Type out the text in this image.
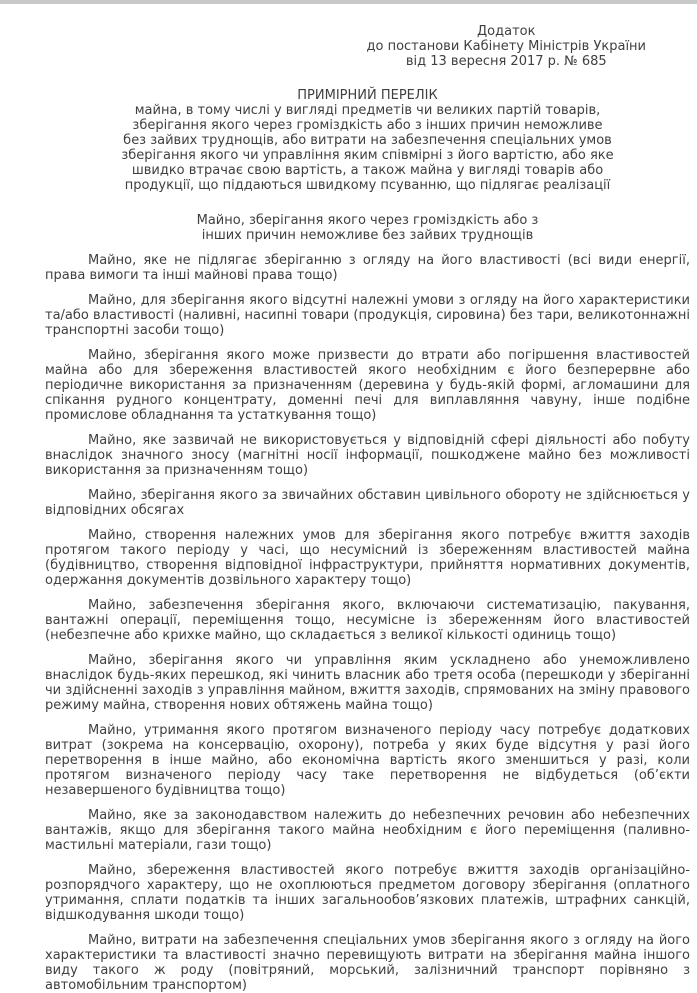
Додаток
до постанови Кабінету Міністрів України
від 13 вересня 2017 р. № 685
ПРИМІРНИЙ ПЕРЕЛІК
майна, в тому числі у вигляді предметів чи великих партій товарів,
зберігання якого через громіздкість або з інших причин неможливе
без зайвих труднощів, або витрати на забезпечення спеціальних умов
зберігання якого чи управління яким співмірні з його вартістю, або яке
швидко втрачає свою вартість, а також майна у вигляді товарів або
продукції, що піддаються швидкому псуванню, що підлягає реалізації
Майно, зберігання якого через громіздкість або з
інших причин неможливе без зайвих труднощів

Майно, яке не підлягає зберіганню з огляду на його властивості (всі види енергії, права вимоги та інші майнові права тощо)

Майно, для зберігання якого відсутні належні умови з огляду на його характеристики та/або властивості (наливні, насипні товари (продукція, сировина) без тари, великотоннажні транспортні засоби тощо)

Майно, зберігання якого може призвести до втрати або погіршення властивостей майна або для збереження властивостей якого необхідним є його безперервне або періодичне використання за призначенням (деревина у будь-якій формі, агломашини для спікання рудного концентрату, доменні печі для виплавляння чавуну, інше подібне промислове обладнання та устаткування тощо)

Майно, яке зазвичай не використовується у відповідній сфері діяльності або побуту внаслідок значного зносу (магнітні носії інформації, пошкоджене майно без можливості використання за призначенням тощо)

Майно, зберігання якого за звичайних обставин цивільного обороту не здійснюється у відповідних обсягах

Майно, створення належних умов для зберігання якого потребує вжиття заходів протягом такого періоду у часі, що несумісний із збереженням властивостей майна (будівництво, створення відповідної інфраструктури, прийняття нормативних документів, одержання документів дозвільного характеру тощо)

Майно, забезпечення зберігання якого, включаючи систематизацію, пакування, вантажні операції, переміщення тощо, несумісне із збереженням його властивостей (небезпечне або крихке майно, що складається з великої кількості одиниць тощо)

Майно, зберігання якого чи управління яким ускладнено або унеможливлено внаслідок будь-яких перешкод, які чинить власник або третя особа (перешкоди у зберіганні чи здійсненні заходів з управління майном, вжиття заходів, спрямованих на зміну правового режиму майна, створення нових обтяжень майна тощо)

Майно, утримання якого протягом визначеного періоду часу потребує додаткових витрат (зокрема на консервацію, охорону), потреба у яких буде відсутня у разі його перетворення в інше майно, або економічна вартість якого зменшиться у разі, коли протягом визначеного періоду часу таке перетворення не відбудеться (об’єкти незавершеного будівництва тощо)

Майно, яке за законодавством належить до небезпечних речовин або небезпечних вантажів, якщо для зберігання такого майна необхідним є його переміщення (паливно-мастильні матеріали, гази тощо)

Майно, збереження властивостей якого потребує вжиття заходів організаційно-розпорядчого характеру, що не охоплюються предметом договору зберігання (оплатного утримання, сплати податків та інших загальнообов’язкових платежів, штрафних санкцій, відшкодування шкоди тощо)

Майно, витрати на забезпечення спеціальних умов зберігання якого з огляду на його характеристики та властивості значно перевищують витрати на зберігання майна іншого виду такого ж роду (повітряний, морський, залізничний транспорт порівняно з автомобільним транспортом)
